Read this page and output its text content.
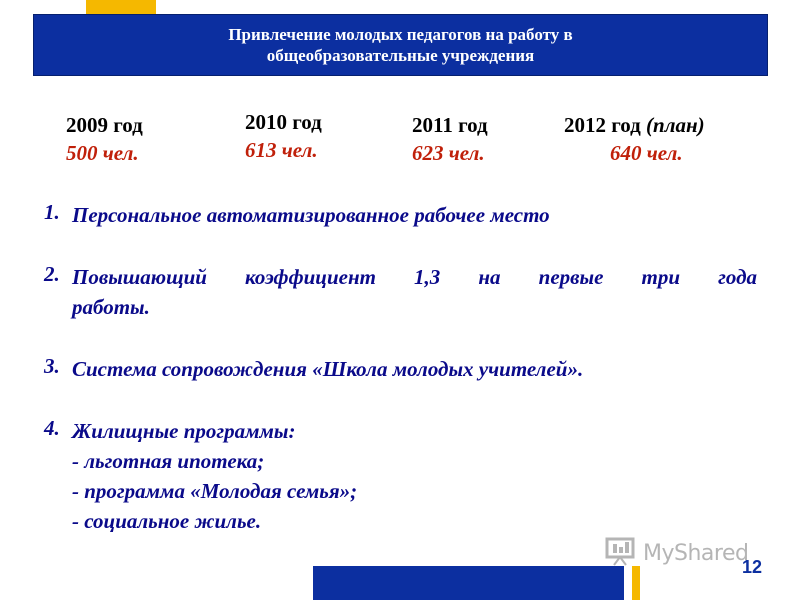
Привлечение молодых педагогов на работу в
общеобразовательные учреждения
2009 год
500 чел.
2010 год
613 чел.
2011 год
623 чел.
2012 год (план)
640 чел.
1. Персональное автоматизированное рабочее место
2. Повышающий коэффициент 1,3 на первые три года
работы.
3. Система сопровождения «Школа молодых учителей».
4. Жилищные программы:
- льготная ипотека;
- программа «Молодая семья»;
- социальное жилье.
MyShared
12
